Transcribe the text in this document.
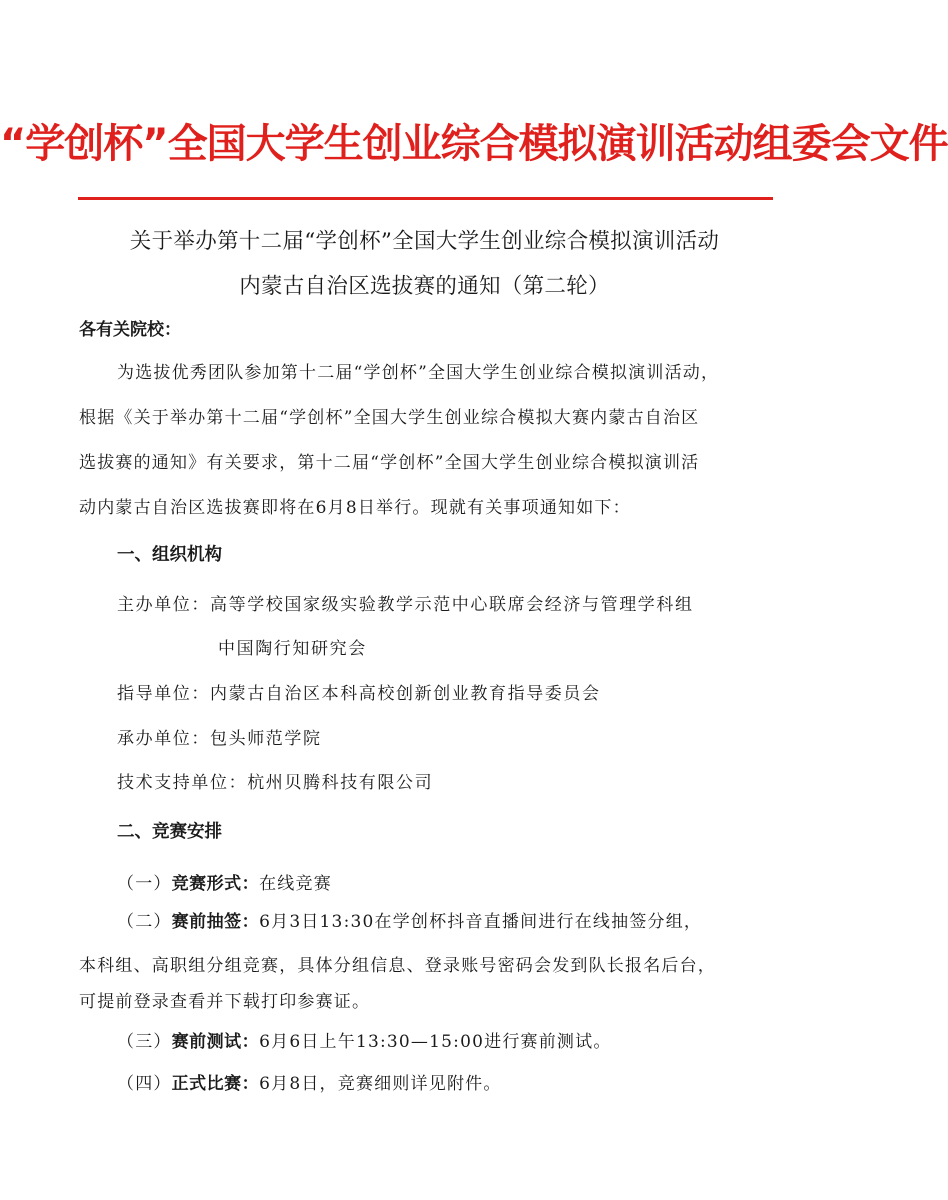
“学创杯”全国大学生创业综合模拟演训活动组委会文件
关于举办第十二届“学创杯”全国大学生创业综合模拟演训活动
内蒙古自治区选拔赛的通知（第二轮）
各有关院校：
为选拔优秀团队参加第十二届“学创杯”全国大学生创业综合模拟演训活动，
根据《关于举办第十二届“学创杯”全国大学生创业综合模拟大赛内蒙古自治区
选拔赛的通知》有关要求，第十二届“学创杯”全国大学生创业综合模拟演训活
动内蒙古自治区选拔赛即将在6月8日举行。现就有关事项通知如下：
一、组织机构
主办单位：高等学校国家级实验教学示范中心联席会经济与管理学科组
中国陶行知研究会
指导单位：内蒙古自治区本科高校创新创业教育指导委员会
承办单位：包头师范学院
技术支持单位：杭州贝腾科技有限公司
二、竞赛安排
（一）竞赛形式：在线竞赛
（二）赛前抽签：6月3日13:30在学创杯抖音直播间进行在线抽签分组，
本科组、高职组分组竞赛，具体分组信息、登录账号密码会发到队长报名后台，
可提前登录查看并下载打印参赛证。
（三）赛前测试：6月6日上午13:30—15:00进行赛前测试。
（四）正式比赛：6月8日，竞赛细则详见附件。
